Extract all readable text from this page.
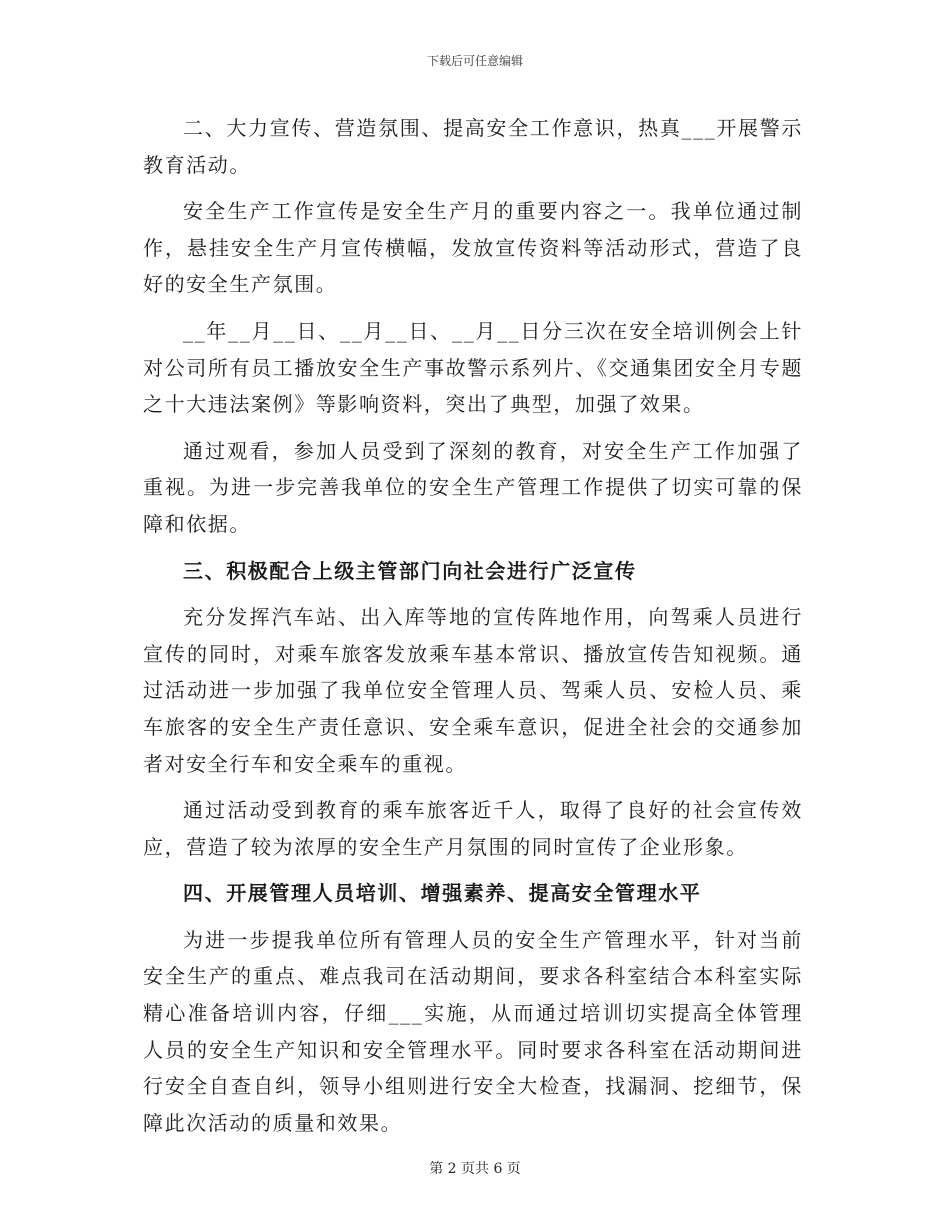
下载后可任意编辑

二、大力宣传、营造氛围、提高安全工作意识，热真___开展警示教育活动。

安全生产工作宣传是安全生产月的重要内容之一。我单位通过制作，悬挂安全生产月宣传横幅，发放宣传资料等活动形式，营造了良好的安全生产氛围。

__年__月__日、__月__日、__月__日分三次在安全培训例会上针对公司所有员工播放安全生产事故警示系列片、《交通集团安全月专题之十大违法案例》等影响资料，突出了典型，加强了效果。

通过观看，参加人员受到了深刻的教育，对安全生产工作加强了重视。为进一步完善我单位的安全生产管理工作提供了切实可靠的保障和依据。

三、积极配合上级主管部门向社会进行广泛宣传

充分发挥汽车站、出入库等地的宣传阵地作用，向驾乘人员进行宣传的同时，对乘车旅客发放乘车基本常识、播放宣传告知视频。通过活动进一步加强了我单位安全管理人员、驾乘人员、安检人员、乘车旅客的安全生产责任意识、安全乘车意识，促进全社会的交通参加者对安全行车和安全乘车的重视。

通过活动受到教育的乘车旅客近千人，取得了良好的社会宣传效应，营造了较为浓厚的安全生产月氛围的同时宣传了企业形象。

四、开展管理人员培训、增强素养、提高安全管理水平

为进一步提我单位所有管理人员的安全生产管理水平，针对当前安全生产的重点、难点我司在活动期间，要求各科室结合本科室实际精心准备培训内容，仔细___实施，从而通过培训切实提高全体管理人员的安全生产知识和安全管理水平。同时要求各科室在活动期间进行安全自查自纠，领导小组则进行安全大检查，找漏洞、挖细节，保障此次活动的质量和效果。

第 2 页共 6 页
